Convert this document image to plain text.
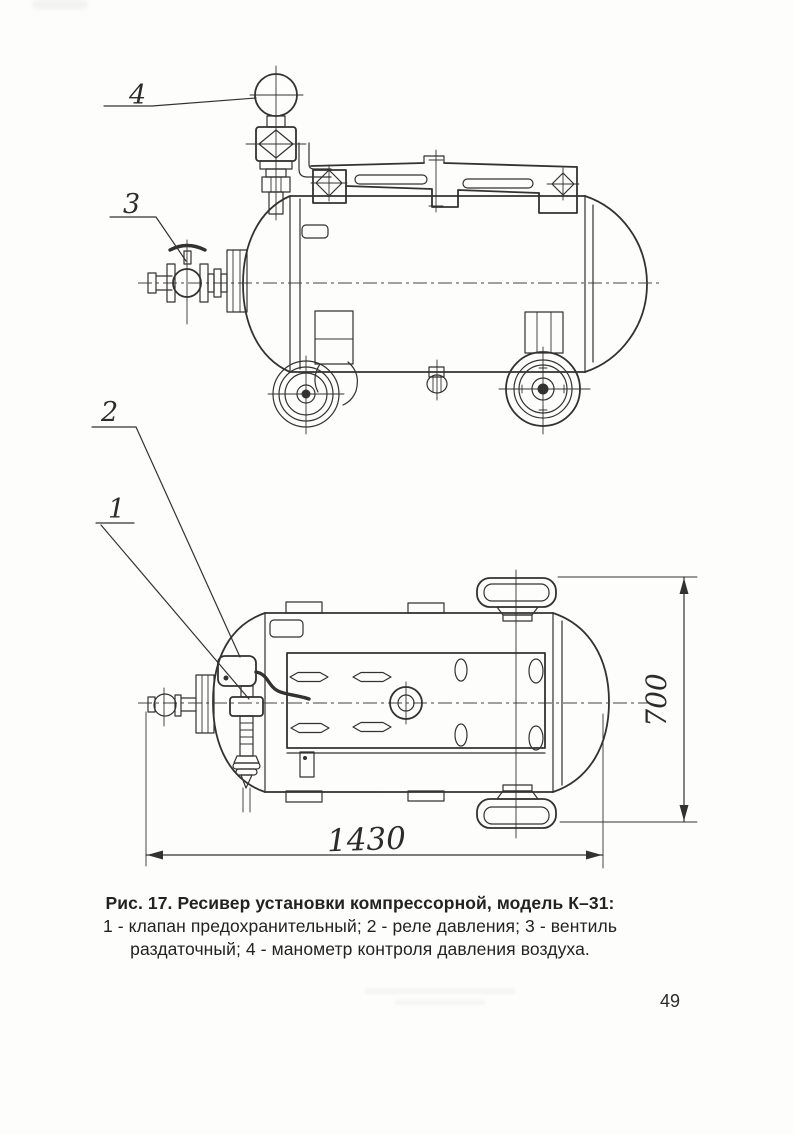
4
3
2
1
1430
700
Рис. 17. Ресивер установки компрессорной, модель К–31:
1 - клапан предохранительный; 2 - реле давления; 3 - вентиль
раздаточный; 4 - манометр контроля давления воздуха.
49
